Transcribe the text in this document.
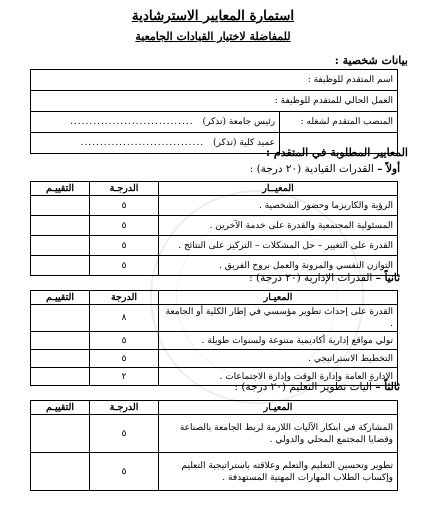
استمارة المعايير الاسترشادية
للمفاضلة لاختيار القيادات الجامعية
بيانات شخصية :
اسم المتقدم للوظيفة :	
العمل الحالي للمتقدم للوظيفة :	
المنصب المتقدم لشغله :	رئيس جامعة (تذكر) ................................
	عميد كلية (تذكر) ................................
المعايير المطلوبة في المتقدم :
أولاً – القدرات القيادية (٢٠ درجة) :
المعيــار	الدرجـة	التقييـم
الرؤية والكاريزما وحضور الشخصية .	٥	
المسئولية المجتمعية والقدرة على خدمة الآخرين .	٥	
القدرة على التغيير – حل المشكلات – التركيز على النتائج .	٥	
التوازن النفسي والمرونة والعمل بروح الفريق .	٥	
ثانياً – القدرات الإدارية (٢٠ درجة) :
المعيـار	الدرجة	التقييـم
القدرة على إحداث تطوير مؤسسي في إطار الكلية أو الجامعة .	٨	
تولي مواقع إدارية أكاديمية متنوعة ولسنوات طويلة .	٥	
التخطيط الاستراتيجي .	٥	
الإدارة العامة وإدارة الوقت وإدارة الاجتماعات .	٢	
ثالثاً – آليات تطوير التعليم (٢٠ درجة) :
المعيـار	الدرجـة	التقييـم
المشاركة في ابتكار الآليات اللازمة لربط الجامعة بالصناعة وقضايا المجتمع المحلي والدولي .	٥	
تطوير وتحسين التعليم والتعلم وعلاقته باستراتيجية التعليم وإكساب الطلاب المهارات المهنية المستهدفة .	٥	
